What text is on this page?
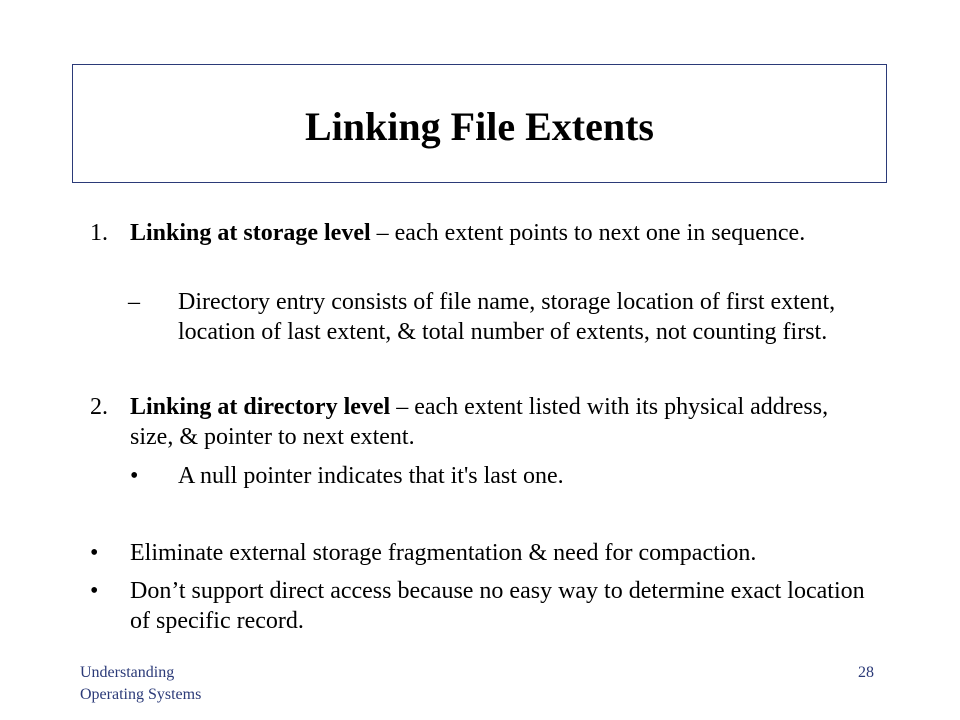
Linking File Extents
1. Linking at storage level – each extent points to next one in sequence.
– Directory entry consists of file name, storage location of first extent, location of last extent, & total number of extents, not counting first.
2. Linking at directory level – each extent listed with its physical address, size, & pointer to next extent.
• A null pointer indicates that it's last one.
• Eliminate external storage fragmentation & need for compaction.
• Don’t support direct access because no easy way to determine exact location of specific record.
Understanding
Operating Systems
28
